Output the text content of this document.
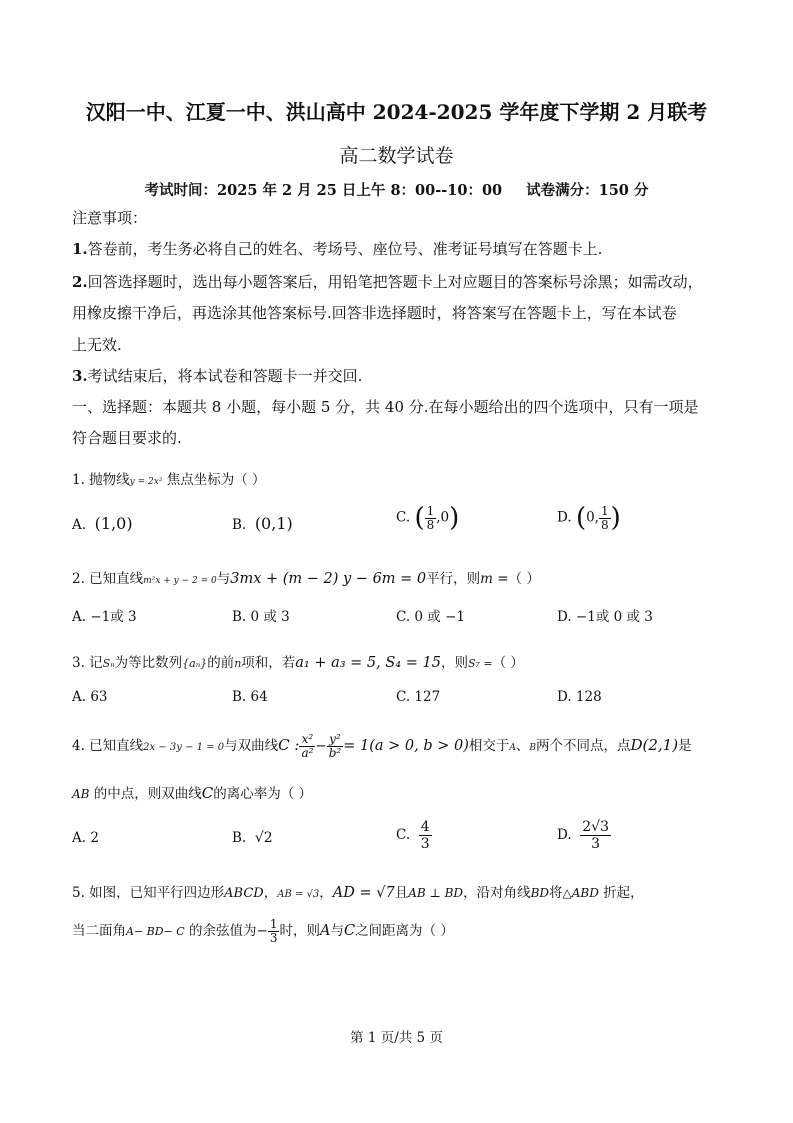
汉阳一中、江夏一中、洪山高中 2024-2025 学年度下学期 2 月联考
高二数学试卷
考试时间：2025 年 2 月 25 日上午 8：00--10：00 试卷满分：150 分
注意事项：
1.答卷前，考生务必将自己的姓名、考场号、座位号、准考证号填写在答题卡上.
2.回答选择题时，选出每小题答案后，用铅笔把答题卡上对应题目的答案标号涂黑；如需改动，
用橡皮擦干净后，再选涂其他答案标号.回答非选择题时，将答案写在答题卡上，写在本试卷
上无效.
3.考试结束后，将本试卷和答题卡一并交回.
一、选择题：本题共 8 小题，每小题 5 分，共 40 分.在每小题给出的四个选项中，只有一项是
符合题目要求的.
1. 抛物线y = 2x² 焦点坐标为（ ）
A. (1,0)	B. (0,1)	C. ( $\frac{1}{8} ,0$)	D. (0, $\frac{1}{8}$ )
2. 已知直线m²x + y − 2 = 0与3mx + (m − 2) y − 6m = 0平行，则m =（ ）
A. −1或 3	B. 0 或 3	C. 0 或 −1	D. −1或 0 或 3
3. 记Sₙ为等比数列{aₙ}的前n项和，若a₁ + a₃ = 5, S₄ = 15，则S₇ =（ ）
A. 63	B. 64	C. 127	D. 128
4. 已知直线2x − 3y − 1 = 0与双曲线C : $\frac{\text{x²}}{\text{a²}} - \frac{\text{y²}}{\text{b²}} = 1(a > 0$, b > 0)相交于A、B两个不同点，点D(2,1)是
AB 的中点，则双曲线C的离心率为（ ）
A. 2	B. √2	C. $\frac{4}{3}$	D. $\frac{2√3}{3}$
5. 如图，已知平行四边形ABCD，AB = √3，AD = √7且AB ⊥ BD，沿对角线BD将△ABD 折起，
当二面角A− BD− C 的余弦值为− $\frac{1}{3}$ 时，则A与C之间距离为（ ）
第 1 页/共 5 页
